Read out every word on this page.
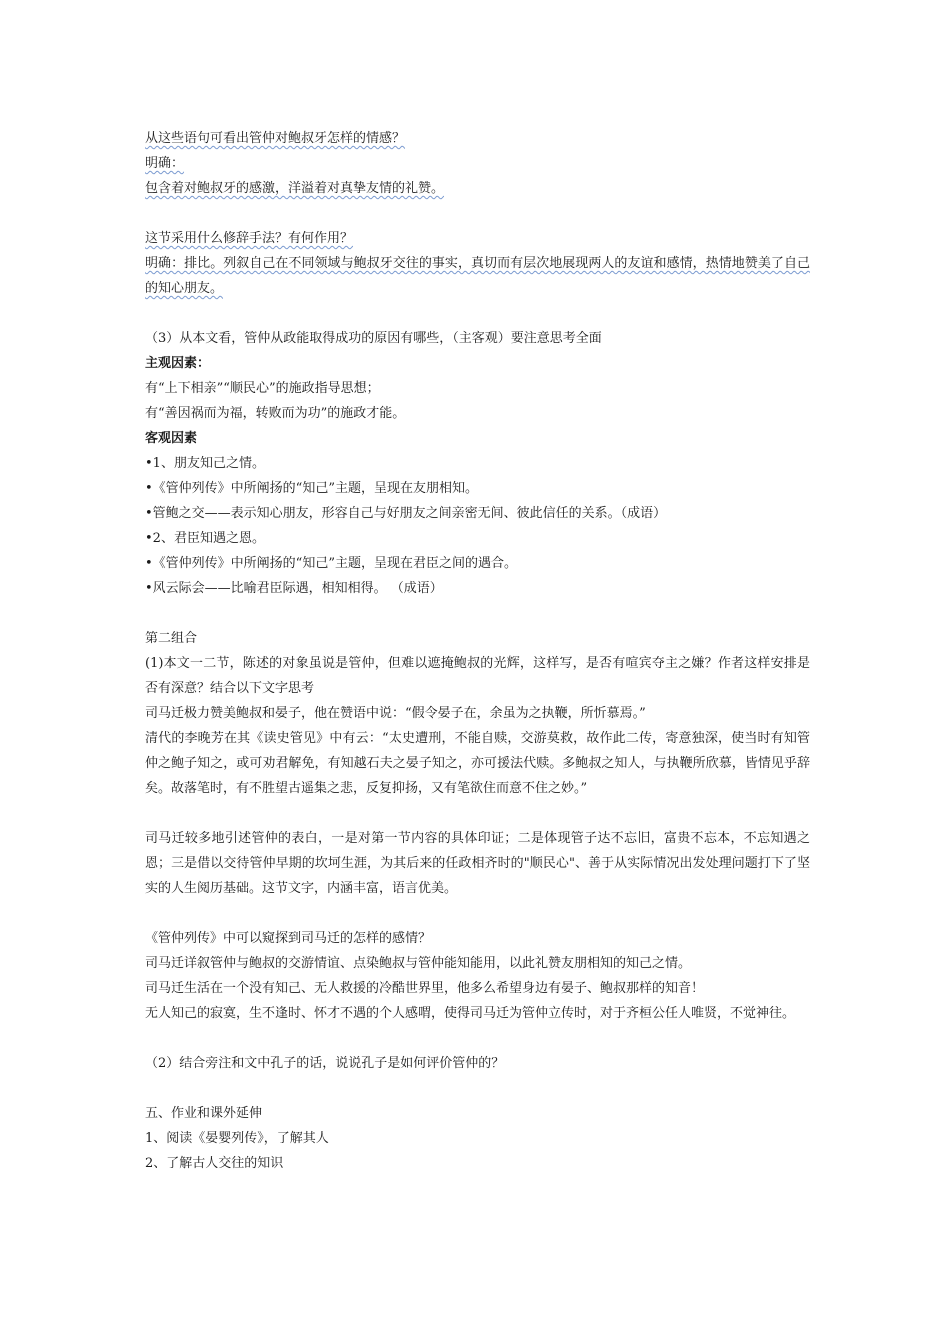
从这些语句可看出管仲对鲍叔牙怎样的情感？
明确：
包含着对鲍叔牙的感激，洋溢着对真挚友情的礼赞。
这节采用什么修辞手法？有何作用？
明确：排比。列叙自己在不同领域与鲍叔牙交往的事实，真切而有层次地展现两人的友谊和感情，热情地赞美了自己的知心朋友。
（3）从本文看，管仲从政能取得成功的原因有哪些，（主客观）要注意思考全面
主观因素：
有“上下相亲”“顺民心”的施政指导思想；
有“善因祸而为福，转败而为功”的施政才能。
客观因素
•1、朋友知己之情。
•《管仲列传》中所阐扬的“知己”主题，呈现在友朋相知。
•管鲍之交——表示知心朋友，形容自己与好朋友之间亲密无间、彼此信任的关系。（成语）
•2、君臣知遇之恩。
•《管仲列传》中所阐扬的“知己”主题，呈现在君臣之间的遇合。
•风云际会——比喻君臣际遇，相知相得。 （成语）
第二组合
(1)本文一二节，陈述的对象虽说是管仲，但难以遮掩鲍叔的光辉，这样写，是否有喧宾夺主之嫌？作者这样安排是否有深意？结合以下文字思考
司马迁极力赞美鲍叔和晏子，他在赞语中说：“假令晏子在，余虽为之执鞭，所忻慕焉。”
清代的李晚芳在其《读史管见》中有云：“太史遭刑，不能自赎，交游莫救，故作此二传，寄意独深，使当时有知管仲之鲍子知之，或可劝君解免，有知越石夫之晏子知之，亦可援法代赎。多鲍叔之知人，与执鞭所欣慕，皆情见乎辞矣。故落笔时，有不胜望古遥集之悲，反复抑扬，又有笔欲住而意不住之妙。”
司马迁较多地引述管仲的表白，一是对第一节内容的具体印证；二是体现管子达不忘旧，富贵不忘本，不忘知遇之恩；三是借以交待管仲早期的坎坷生涯，为其后来的任政相齐时的"顺民心"、善于从实际情况出发处理问题打下了坚实的人生阅历基础。这节文字，内涵丰富，语言优美。
《管仲列传》中可以窥探到司马迁的怎样的感情？
司马迁详叙管仲与鲍叔的交游情谊、点染鲍叔与管仲能知能用，以此礼赞友朋相知的知己之情。
司马迁生活在一个没有知己、无人救援的冷酷世界里，他多么希望身边有晏子、鲍叔那样的知音！
无人知己的寂寞，生不逢时、怀才不遇的个人感喟，使得司马迁为管仲立传时，对于齐桓公任人唯贤，不觉神往。
（2）结合旁注和文中孔子的话，说说孔子是如何评价管仲的？
五、作业和课外延伸
1、阅读《晏婴列传》，了解其人
2、了解古人交往的知识
